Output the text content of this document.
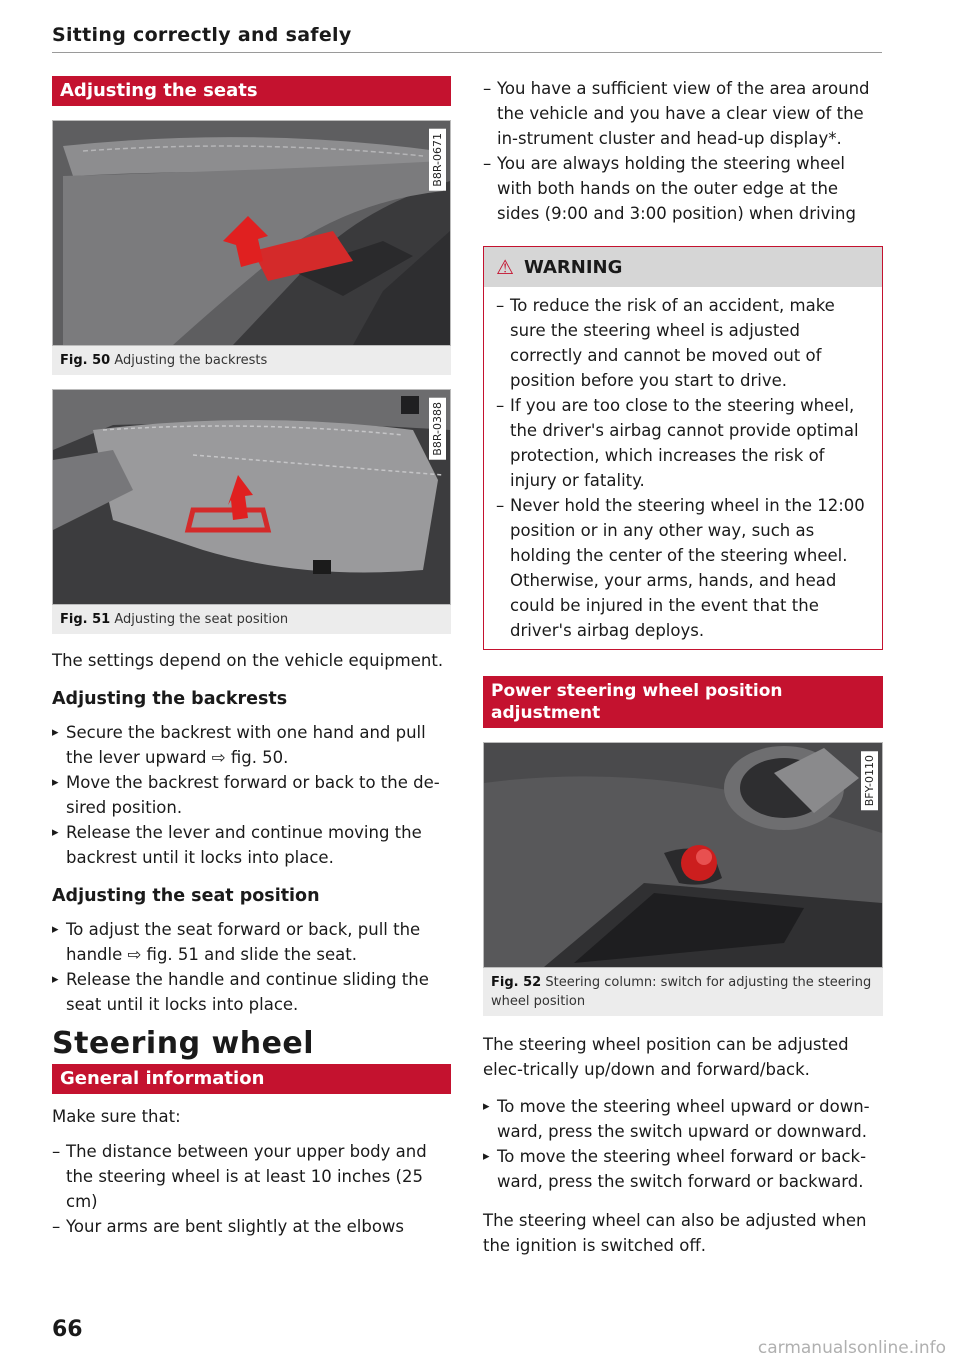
Sitting correctly and safely
Adjusting the seats
B8R-0671
Fig. 50 Adjusting the backrests
B8R-0388
Fig. 51 Adjusting the seat position

The settings depend on the vehicle equipment.

Adjusting the backrests

▸ Secure the backrest with one hand and pull the lever upward ⇨ fig. 50.
▸ Move the backrest forward or back to the de-sired position.
▸ Release the lever and continue moving the backrest until it locks into place.

Adjusting the seat position

▸ To adjust the seat forward or back, pull the handle ⇨ fig. 51 and slide the seat.
▸ Release the handle and continue sliding the seat until it locks into place.

Steering wheel

General information

Make sure that:

– The distance between your upper body and the steering wheel is at least 10 inches (25 cm)
– Your arms are bent slightly at the elbows
– You have a sufficient view of the area around the vehicle and you have a clear view of the in-strument cluster and head-up display*.
– You are always holding the steering wheel with both hands on the outer edge at the sides (9:00 and 3:00 position) when driving
⚠ WARNING
– To reduce the risk of an accident, make sure the steering wheel is adjusted correctly and cannot be moved out of position before you start to drive.
– If you are too close to the steering wheel, the driver's airbag cannot provide optimal protection, which increases the risk of injury or fatality.
– Never hold the steering wheel in the 12:00 position or in any other way, such as holding the center of the steering wheel. Otherwise, your arms, hands, and head could be injured in the event that the driver's airbag deploys.
Power steering wheel position adjustment
BFY-0110
Fig. 52 Steering column: switch for adjusting the steering wheel position

The steering wheel position can be adjusted elec-trically up/down and forward/back.

▸ To move the steering wheel upward or down-ward, press the switch upward or downward.
▸ To move the steering wheel forward or back-ward, press the switch forward or backward.

The steering wheel can also be adjusted when the ignition is switched off.

66
carmanualsonline.info
